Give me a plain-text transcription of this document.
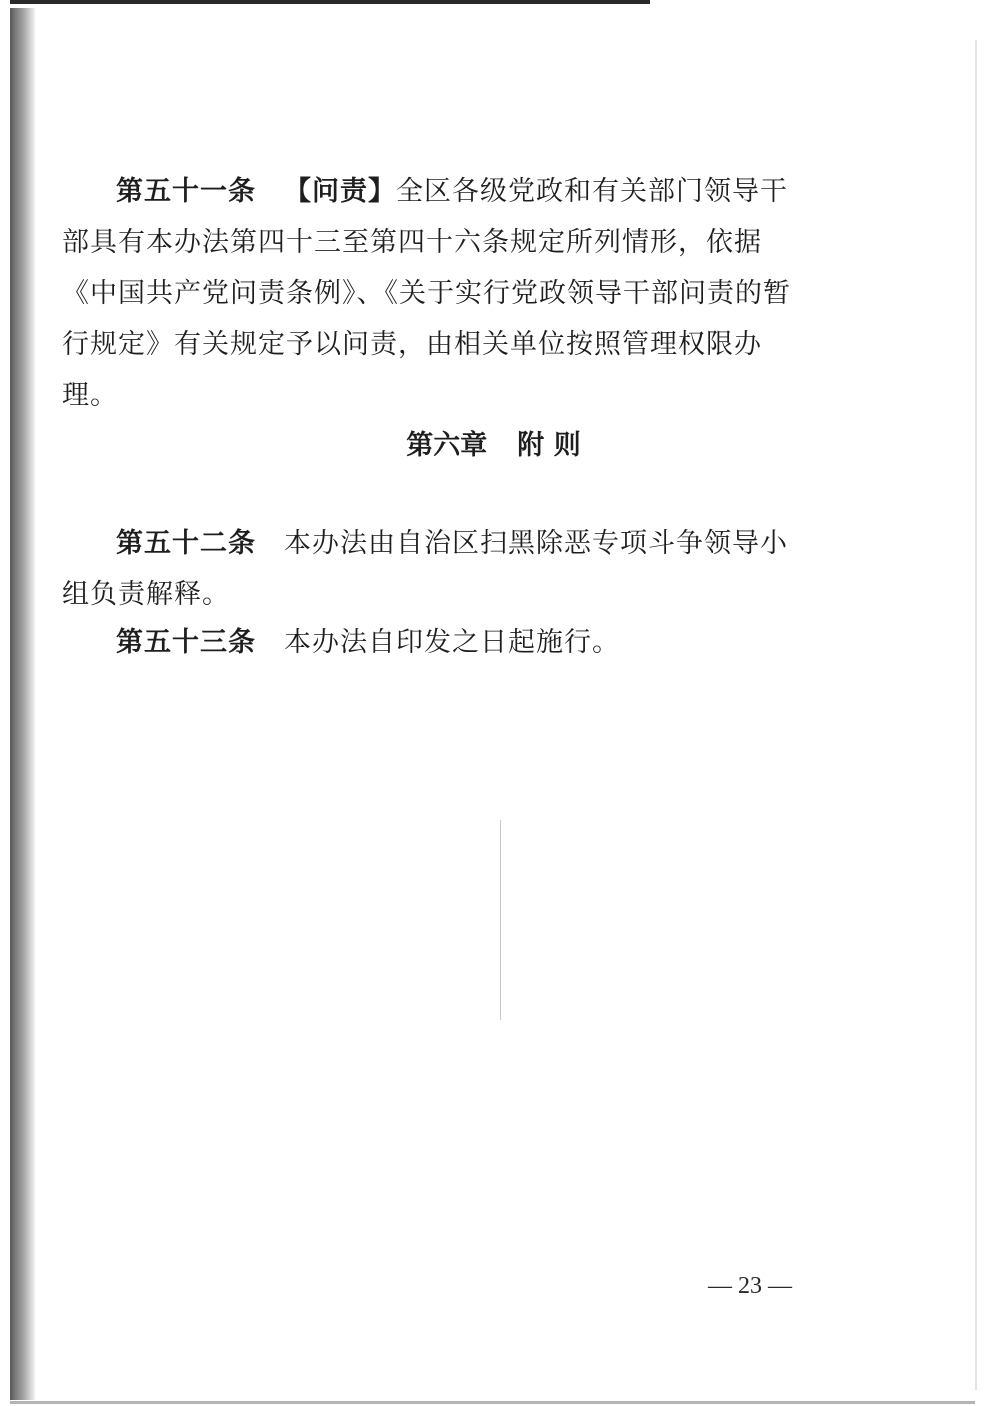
第五十一条 【问责】全区各级党政和有关部门领导干部具有本办法第四十三至第四十六条规定所列情形，依据《中国共产党问责条例》、《关于实行党政领导干部问责的暂行规定》有关规定予以问责，由相关单位按照管理权限办理。

第六章 附 则

第五十二条 本办法由自治区扫黑除恶专项斗争领导小组负责解释。

第五十三条 本办法自印发之日起施行。

— 23 —
